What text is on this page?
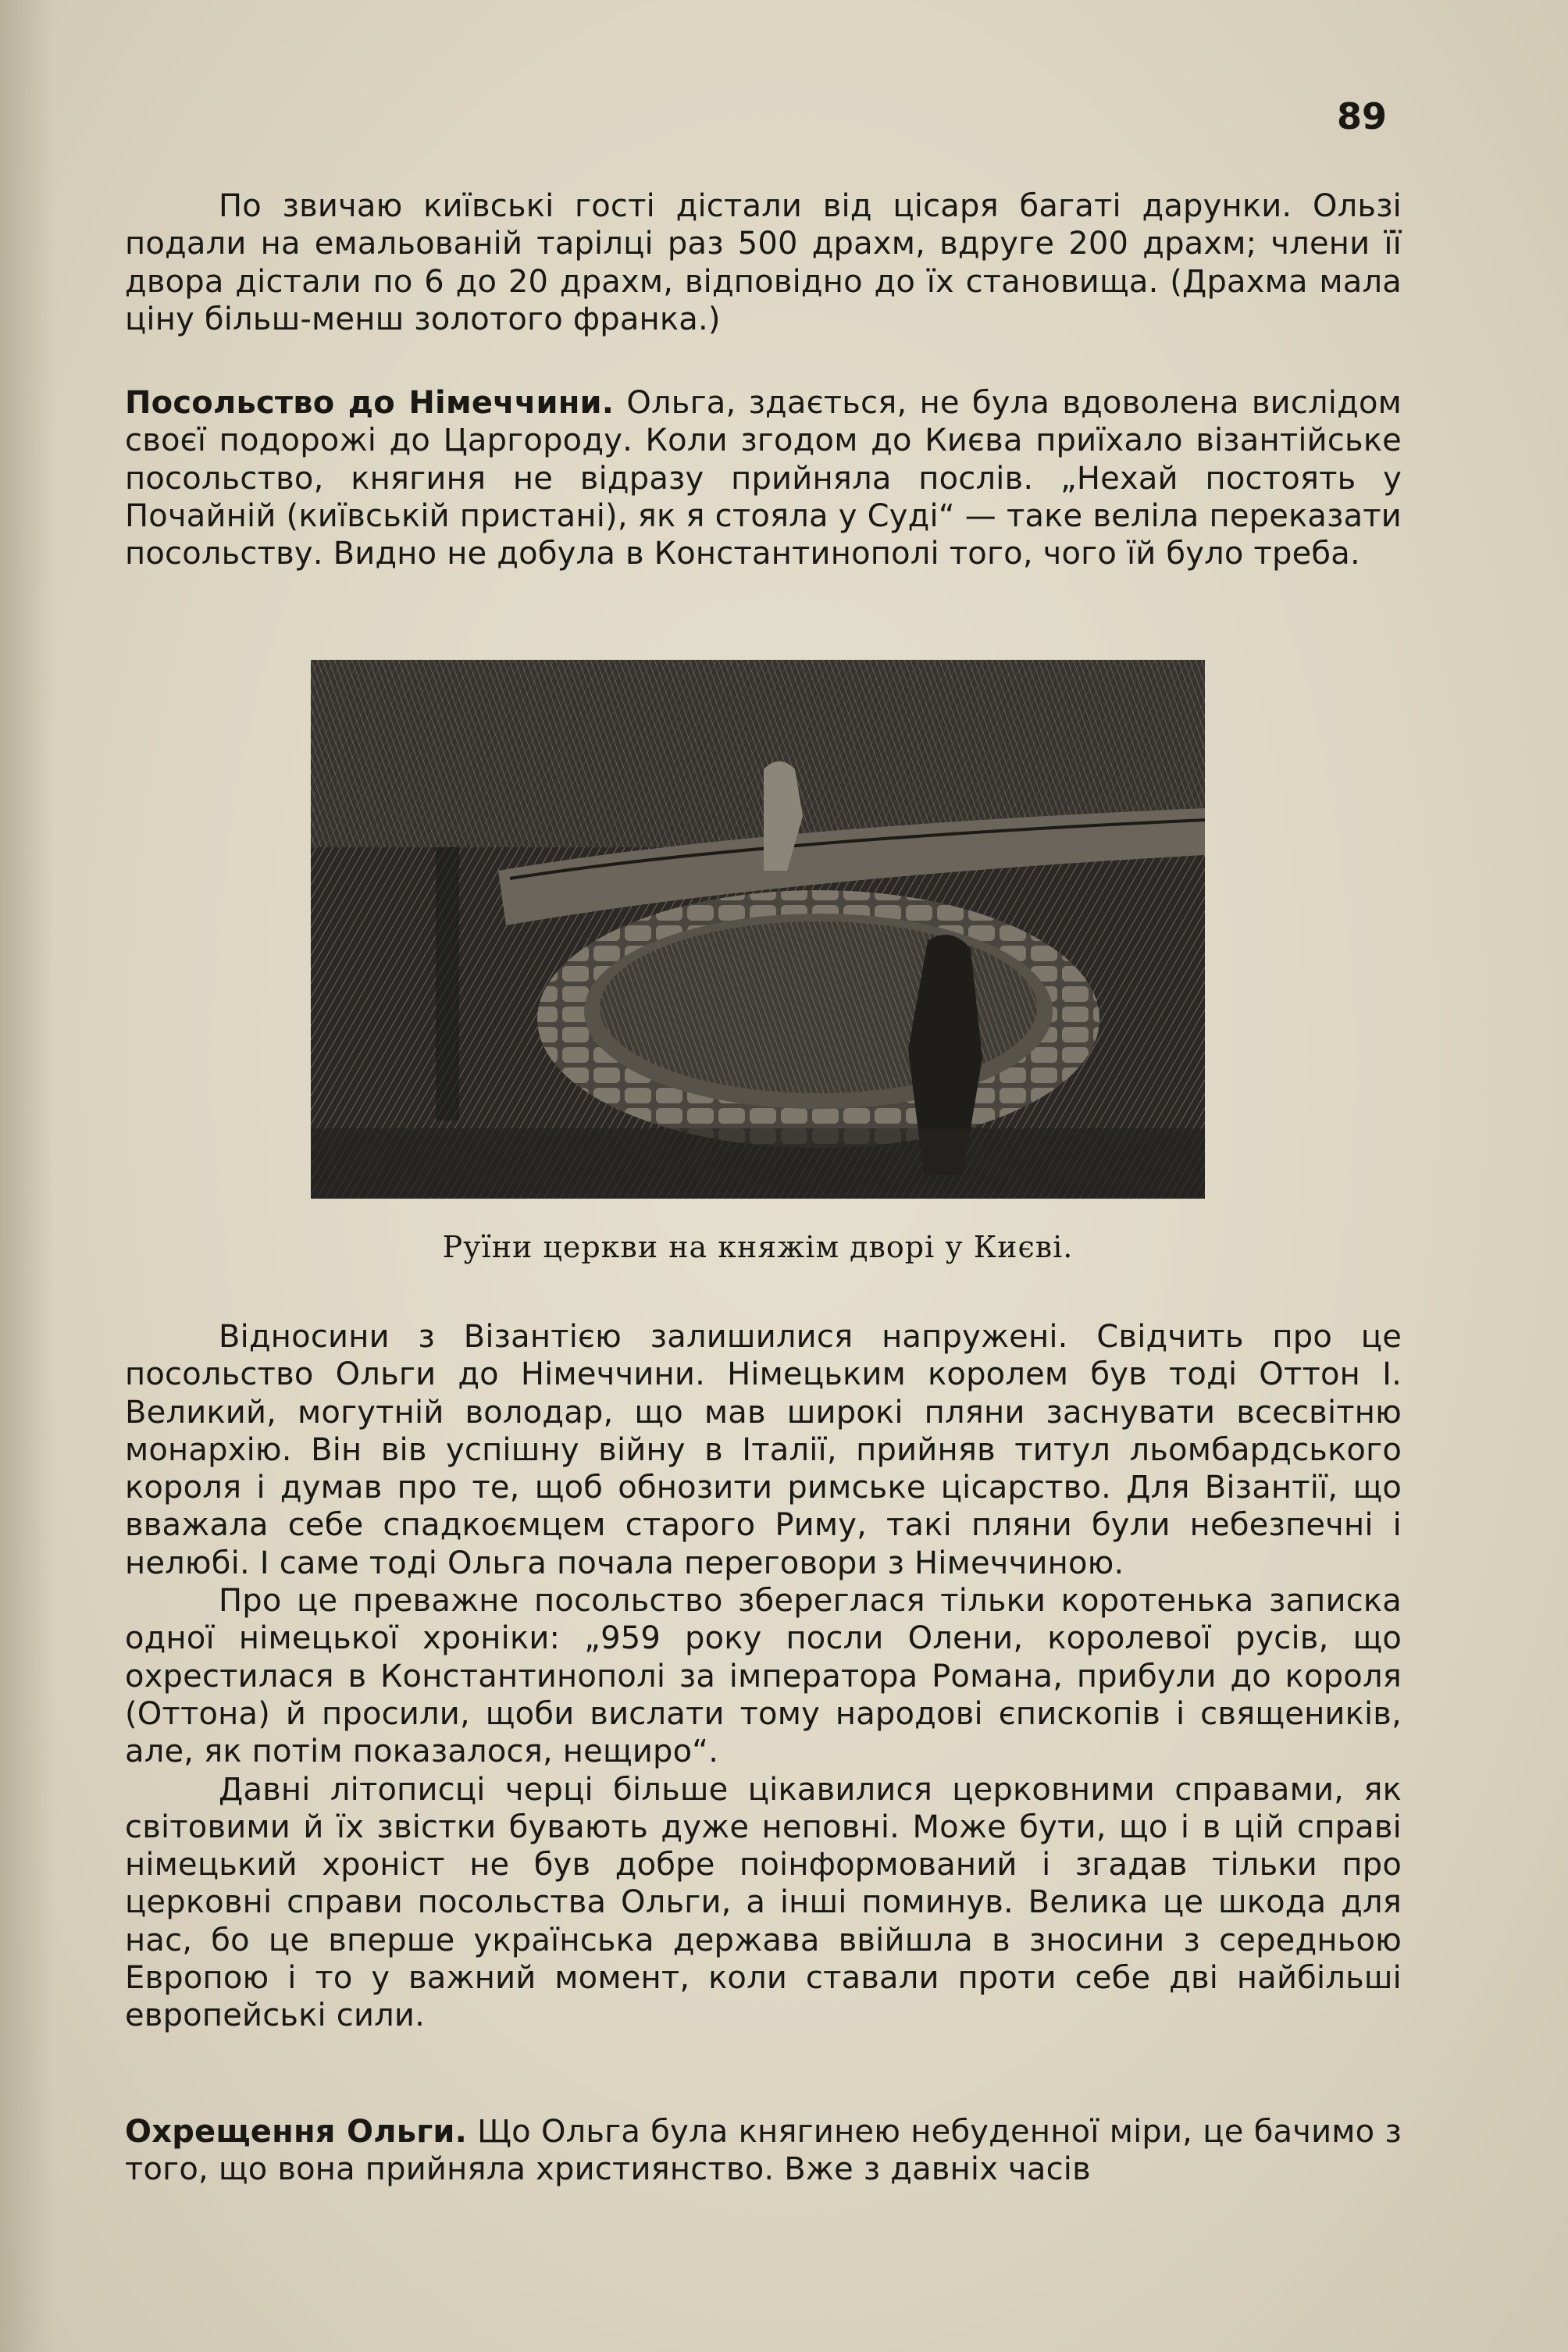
89

По звичаю київські гості дістали від цісаря багаті дарунки. Ользі подали на емальованій тарілці раз 500 драхм, вдруге 200 драхм; члени її двора дістали по 6 до 20 драхм, відповідно до їх становища. (Драхма мала ціну більш-менш золотого франка.)

Посольство до Німеччини. Ольга, здається, не була вдоволена вислідом своєї подорожі до Царгороду. Коли згодом до Києва приїхало візантійське посольство, княгиня не відразу прийняла послів. „Нехай постоять у Почайній (київській пристані), як я стояла у Суді“ — таке веліла переказати посольству. Видно не добула в Константинополі того, чого їй було треба.

Руїни церкви на княжім дворі у Києві.

Відносини з Візантією залишилися напружені. Свідчить про це посольство Ольги до Німеччини. Німецьким королем був тоді Оттон І. Великий, могутній володар, що мав широкі пляни заснувати всесвітню монархію. Він вів успішну війну в Італії, прийняв титул льомбардського короля і думав про те, щоб обнозити римське цісарство. Для Візантії, що вважала себе спадкоємцем старого Риму, такі пляни були небезпечні і нелюбі. І саме тоді Ольга почала переговори з Німеччиною.

Про це преважне посольство збереглася тільки коротенька записка одної німецької хроніки: „959 року посли Олени, королевої русів, що охрестилася в Константинополі за імператора Романа, прибули до короля (Оттона) й просили, щоби вислати тому народові єпископів і священиків, але, як потім показалося, нещиро“.

Давні літописці черці більше цікавилися церковними справами, як світовими й їх звістки бувають дуже неповні. Може бути, що і в цій справі німецький хроніст не був добре поінформований і згадав тільки про церковні справи посольства Ольги, а інші поминув. Велика це шкода для нас, бо це вперше українська держава ввійшла в зносини з середньою Европою і то у важний момент, коли ставали проти себе дві найбільші европейські сили.

Охрещення Ольги. Що Ольга була княгинею небуденної міри, це бачимо з того, що вона прийняла християнство. Вже з давніх часів
